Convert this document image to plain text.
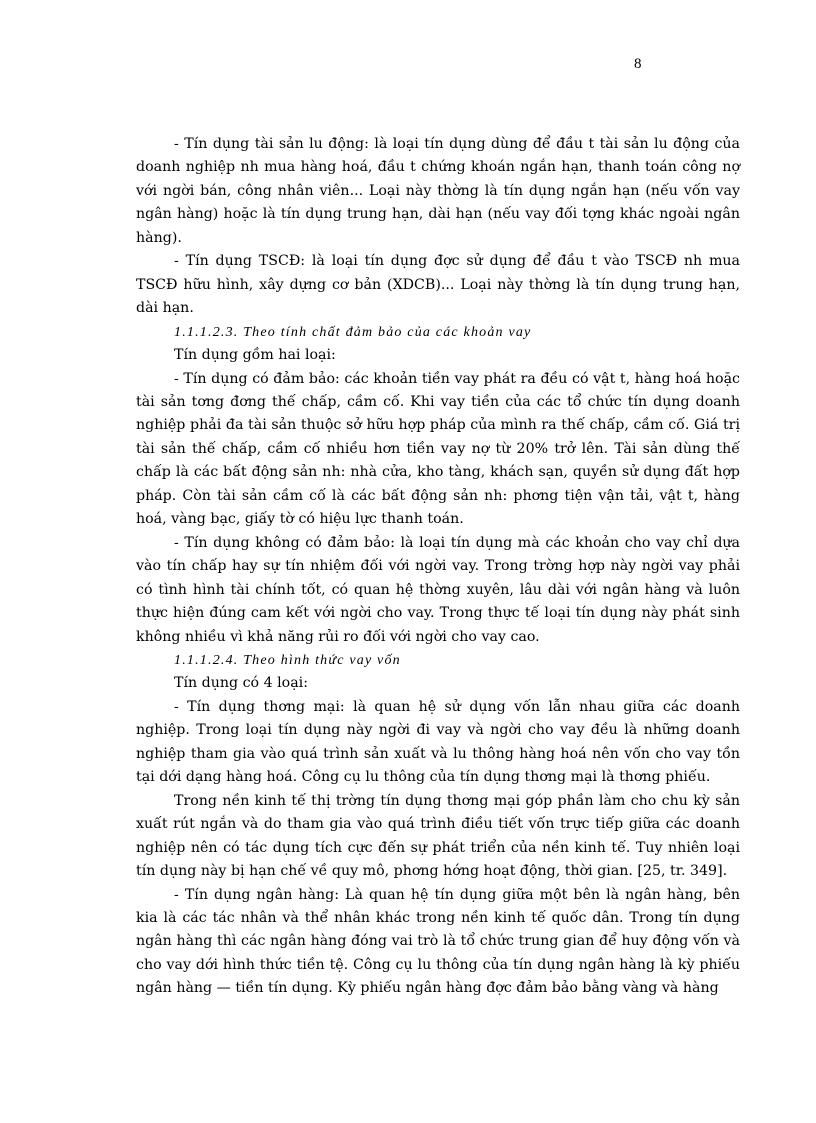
8

- Tín dụng tài sản lu động: là loại tín dụng dùng để đầu t tài sản lu động của doanh nghiệp nh mua hàng hoá, đầu t chứng khoán ngắn hạn, thanh toán công nợ với ngời bán, công nhân viên... Loại này thờng là tín dụng ngắn hạn (nếu vốn vay ngân hàng) hoặc là tín dụng trung hạn, dài hạn (nếu vay đối tợng khác ngoài ngân hàng).

- Tín dụng TSCĐ: là loại tín dụng đợc sử dụng để đầu t vào TSCĐ nh mua TSCĐ hữu hình, xây dựng cơ bản (XDCB)... Loại này thờng là tín dụng trung hạn, dài hạn.

1.1.1.2.3. Theo tính chất đảm bảo của các khoản vay

Tín dụng gồm hai loại:

- Tín dụng có đảm bảo: các khoản tiền vay phát ra đều có vật t, hàng hoá hoặc tài sản tơng đơng thế chấp, cầm cố. Khi vay tiền của các tổ chức tín dụng doanh nghiệp phải đa tài sản thuộc sở hữu hợp pháp của mình ra thế chấp, cầm cố. Giá trị tài sản thế chấp, cầm cố nhiều hơn tiền vay nợ từ 20% trở lên. Tài sản dùng thế chấp là các bất động sản nh: nhà cửa, kho tàng, khách sạn, quyền sử dụng đất hợp pháp. Còn tài sản cầm cố là các bất động sản nh: phơng tiện vận tải, vật t, hàng hoá, vàng bạc, giấy tờ có hiệu lực thanh toán.

- Tín dụng không có đảm bảo: là loại tín dụng mà các khoản cho vay chỉ dựa vào tín chấp hay sự tín nhiệm đối với ngời vay. Trong trờng hợp này ngời vay phải có tình hình tài chính tốt, có quan hệ thờng xuyên, lâu dài với ngân hàng và luôn thực hiện đúng cam kết với ngời cho vay. Trong thực tế loại tín dụng này phát sinh không nhiều vì khả năng rủi ro đối với ngời cho vay cao.

1.1.1.2.4. Theo hình thức vay vốn

Tín dụng có 4 loại:

- Tín dụng thơng mại: là quan hệ sử dụng vốn lẫn nhau giữa các doanh nghiệp. Trong loại tín dụng này ngời đi vay và ngời cho vay đều là những doanh nghiệp tham gia vào quá trình sản xuất và lu thông hàng hoá nên vốn cho vay tồn tại dới dạng hàng hoá. Công cụ lu thông của tín dụng thơng mại là thơng phiếu.

Trong nền kinh tế thị trờng tín dụng thơng mại góp phần làm cho chu kỳ sản xuất rút ngắn và do tham gia vào quá trình điều tiết vốn trực tiếp giữa các doanh nghiệp nên có tác dụng tích cực đến sự phát triển của nền kinh tế. Tuy nhiên loại tín dụng này bị hạn chế về quy mô, phơng hớng hoạt động, thời gian. [25, tr. 349].

- Tín dụng ngân hàng: Là quan hệ tín dụng giữa một bên là ngân hàng, bên kia là các tác nhân và thể nhân khác trong nền kinh tế quốc dân. Trong tín dụng ngân hàng thì các ngân hàng đóng vai trò là tổ chức trung gian để huy động vốn và cho vay dới hình thức tiền tệ. Công cụ lu thông của tín dụng ngân hàng là kỳ phiếu ngân hàng — tiền tín dụng. Kỳ phiếu ngân hàng đợc đảm bảo bằng vàng và hàng
